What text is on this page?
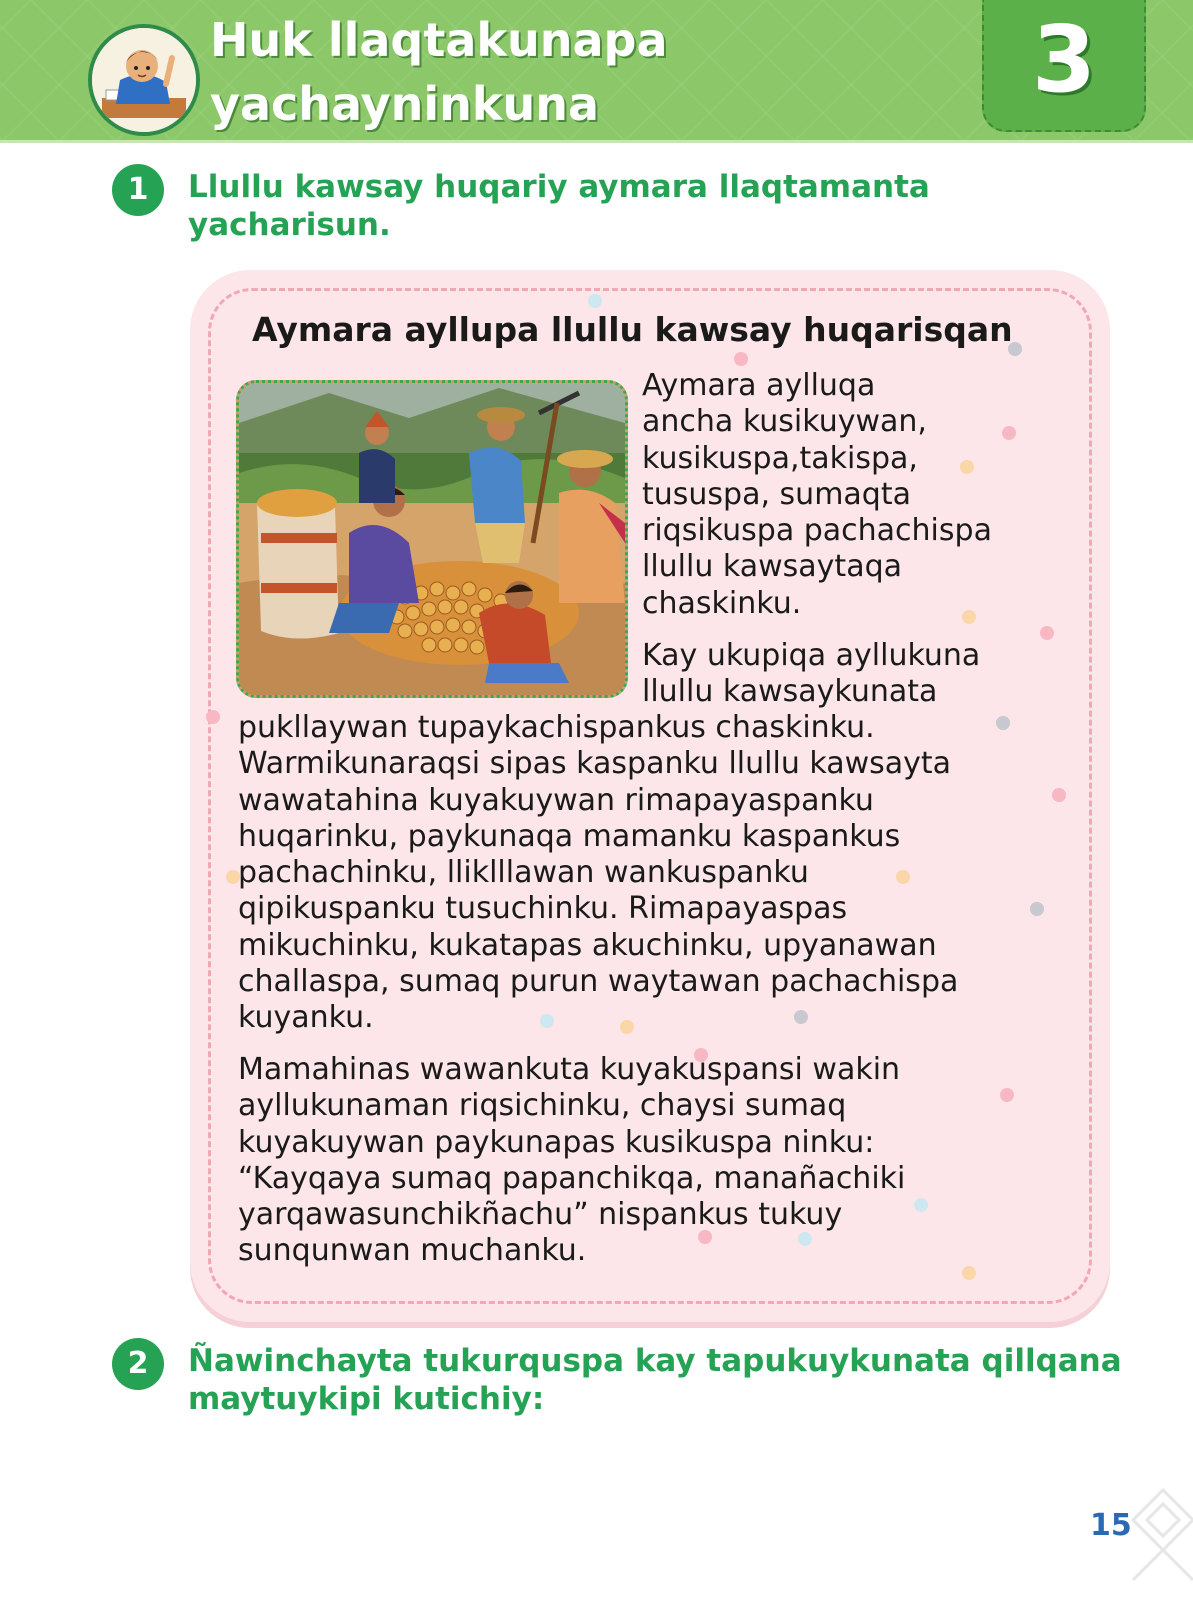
Huk llaqtakunapa
yachayninkuna	3
1	Llullu kawsay huqariy aymara llaqtamanta
yacharisun.

Aymara ayllupa llullu kawsay huqarisqan

Aymara aylluqa
ancha kusikuywan,
kusikuspa,takispa,
tususpa, sumaqta
riqsikuspa pachachispa
llullu kawsaytaqa
chaskinku.

Kay ukupiqa ayllukuna
llullu kawsaykunata

pukllaywan tupaykachispankus chaskinku.
Warmikunaraqsi sipas kaspanku llullu kawsayta
wawatahina kuyakuywan rimapayaspanku
huqarinku, paykunaqa mamanku kaspankus
pachachinku, lliklllawan wankuspanku
qipikuspanku tusuchinku. Rimapayaspas
mikuchinku, kukatapas akuchinku, upyanawan
challaspa, sumaq purun waytawan pachachispa
kuyanku.

Mamahinas wawankuta kuyakuspansi wakin
ayllukunaman riqsichinku, chaysi sumaq
kuyakuywan paykunapas kusikuspa ninku:
“Kayqaya sumaq papanchikqa, manañachiki
yarqawasunchikñachu” nispankus tukuy
sunqunwan muchanku.

2	Ñawinchayta tukurquspa kay tapukuykunata qillqana
maytuykipi kutichiy:

15
